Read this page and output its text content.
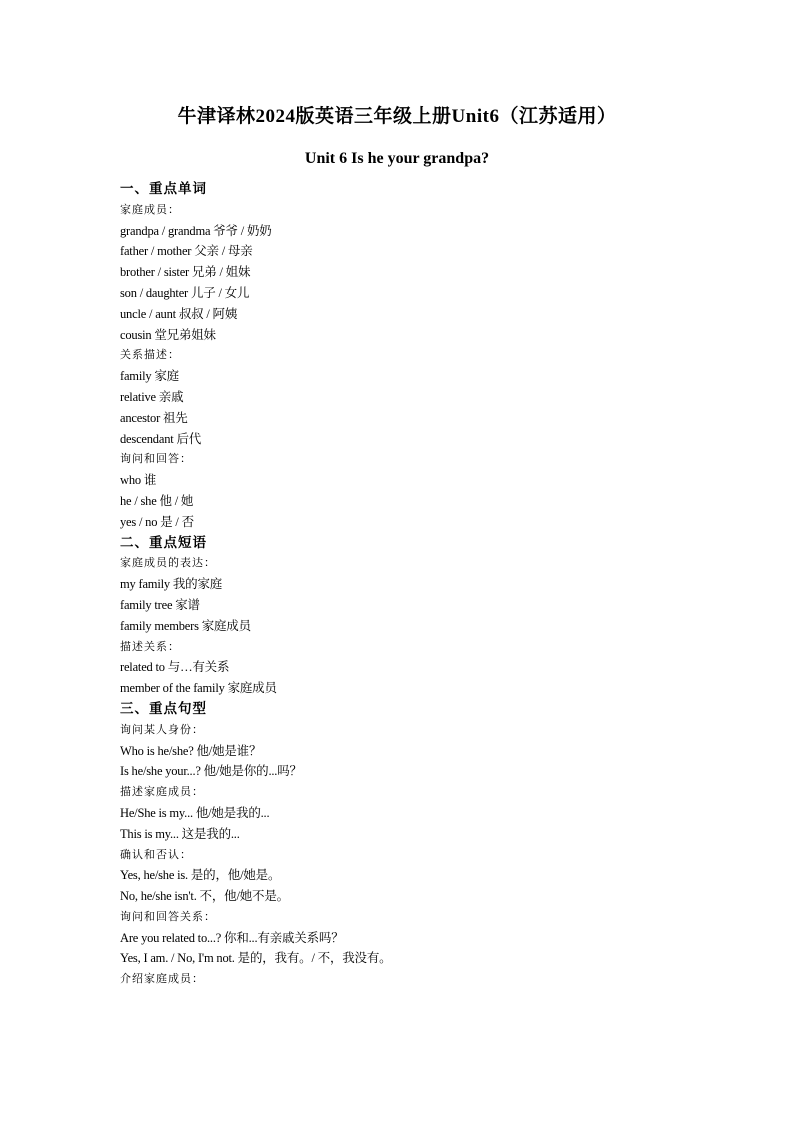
牛津译林2024版英语三年级上册Unit6（江苏适用）
Unit 6 Is he your grandpa?
一、重点单词
家庭成员：
grandpa / grandma 爷爷 / 奶奶
father / mother 父亲 / 母亲
brother / sister 兄弟 / 姐妹
son / daughter 儿子 / 女儿
uncle / aunt 叔叔 / 阿姨
cousin 堂兄弟姐妹
关系描述：
family 家庭
relative 亲戚
ancestor 祖先
descendant 后代
询问和回答：
who 谁
he / she 他 / 她
yes / no 是 / 否
二、重点短语
家庭成员的表达：
my family 我的家庭
family tree 家谱
family members 家庭成员
描述关系：
related to 与…有关系
member of the family 家庭成员
三、重点句型
询问某人身份：
Who is he/she? 他/她是谁？
Is he/she your...? 他/她是你的...吗？
描述家庭成员：
He/She is my... 他/她是我的...
This is my... 这是我的...
确认和否认：
Yes, he/she is. 是的，他/她是。
No, he/she isn't. 不，他/她不是。
询问和回答关系：
Are you related to...? 你和...有亲戚关系吗？
Yes, I am. / No, I'm not. 是的，我有。/ 不，我没有。
介绍家庭成员：
